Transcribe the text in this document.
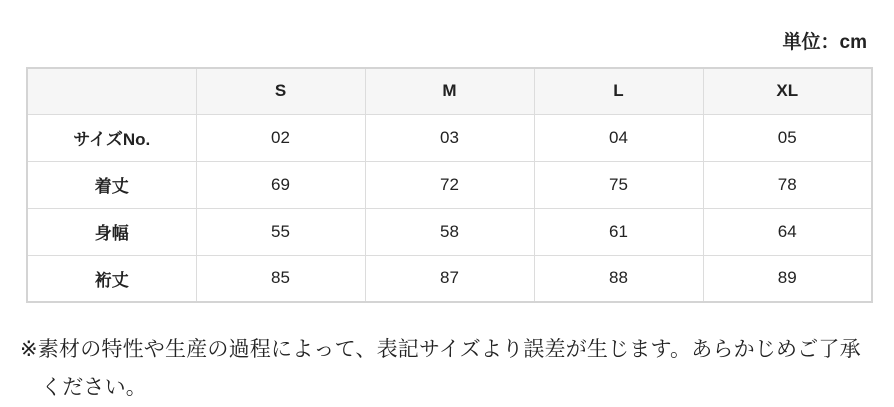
単位：cm
	S	M	L	XL
サイズNo.	02	03	04	05
着丈	69	72	75	78
身幅	55	58	61	64
裄丈	85	87	88	89
※素材の特性や生産の過程によって、表記サイズより誤差が生じます。あらかじめご了承ください。
